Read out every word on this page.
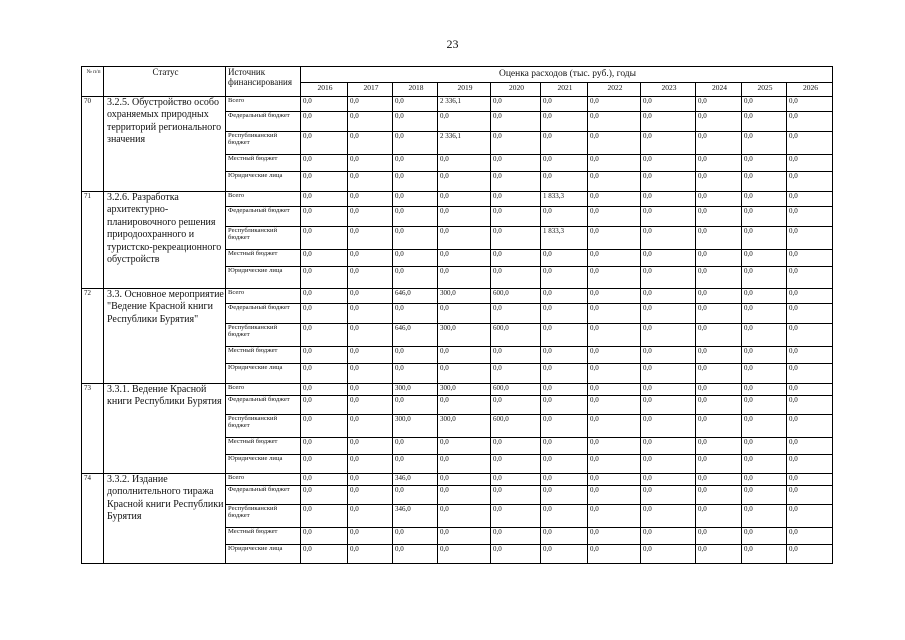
23
№ п/п	Статус	Источник финансирования	Оценка расходов (тыс. руб.), годы										
			2016	2017	2018	2019	2020	2021	2022	2023	2024	2025	2026
70	3.2.5. Обустройство особо охраняемых природных территорий регионального значения	Всего	0,0	0,0	0,0	2 336,1	0,0	0,0	0,0	0,0	0,0	0,0	0,0
		Федеральный бюджет	0,0	0,0	0,0	0,0	0,0	0,0	0,0	0,0	0,0	0,0	0,0
		Республиканский бюджет	0,0	0,0	0,0	2 336,1	0,0	0,0	0,0	0,0	0,0	0,0	0,0
		Местный бюджет	0,0	0,0	0,0	0,0	0,0	0,0	0,0	0,0	0,0	0,0	0,0
		Юридические лица	0,0	0,0	0,0	0,0	0,0	0,0	0,0	0,0	0,0	0,0	0,0
71	3.2.6. Разработка архитектурно-планировочного решения природоохранного и туристско-рекреационного обустройств	Всего	0,0	0,0	0,0	0,0	0,0	1 833,3	0,0	0,0	0,0	0,0	0,0
		Федеральный бюджет	0,0	0,0	0,0	0,0	0,0	0,0	0,0	0,0	0,0	0,0	0,0
		Республиканский бюджет	0,0	0,0	0,0	0,0	0,0	1 833,3	0,0	0,0	0,0	0,0	0,0
		Местный бюджет	0,0	0,0	0,0	0,0	0,0	0,0	0,0	0,0	0,0	0,0	0,0
		Юридические лица	0,0	0,0	0,0	0,0	0,0	0,0	0,0	0,0	0,0	0,0	0,0
72	3.3. Основное мероприятие "Ведение Красной книги Республики Бурятия"	Всего	0,0	0,0	646,0	300,0	600,0	0,0	0,0	0,0	0,0	0,0	0,0
		Федеральный бюджет	0,0	0,0	0,0	0,0	0,0	0,0	0,0	0,0	0,0	0,0	0,0
		Республиканский бюджет	0,0	0,0	646,0	300,0	600,0	0,0	0,0	0,0	0,0	0,0	0,0
		Местный бюджет	0,0	0,0	0,0	0,0	0,0	0,0	0,0	0,0	0,0	0,0	0,0
		Юридические лица	0,0	0,0	0,0	0,0	0,0	0,0	0,0	0,0	0,0	0,0	0,0
73	3.3.1. Ведение Красной книги Республики Бурятия	Всего	0,0	0,0	300,0	300,0	600,0	0,0	0,0	0,0	0,0	0,0	0,0
		Федеральный бюджет	0,0	0,0	0,0	0,0	0,0	0,0	0,0	0,0	0,0	0,0	0,0
		Республиканский бюджет	0,0	0,0	300,0	300,0	600,0	0,0	0,0	0,0	0,0	0,0	0,0
		Местный бюджет	0,0	0,0	0,0	0,0	0,0	0,0	0,0	0,0	0,0	0,0	0,0
		Юридические лица	0,0	0,0	0,0	0,0	0,0	0,0	0,0	0,0	0,0	0,0	0,0
74	3.3.2. Издание дополнительного тиража Красной книги Республики Бурятия	Всего	0,0	0,0	346,0	0,0	0,0	0,0	0,0	0,0	0,0	0,0	0,0
		Федеральный бюджет	0,0	0,0	0,0	0,0	0,0	0,0	0,0	0,0	0,0	0,0	0,0
		Республиканский бюджет	0,0	0,0	346,0	0,0	0,0	0,0	0,0	0,0	0,0	0,0	0,0
		Местный бюджет	0,0	0,0	0,0	0,0	0,0	0,0	0,0	0,0	0,0	0,0	0,0
		Юридические лица	0,0	0,0	0,0	0,0	0,0	0,0	0,0	0,0	0,0	0,0	0,0
